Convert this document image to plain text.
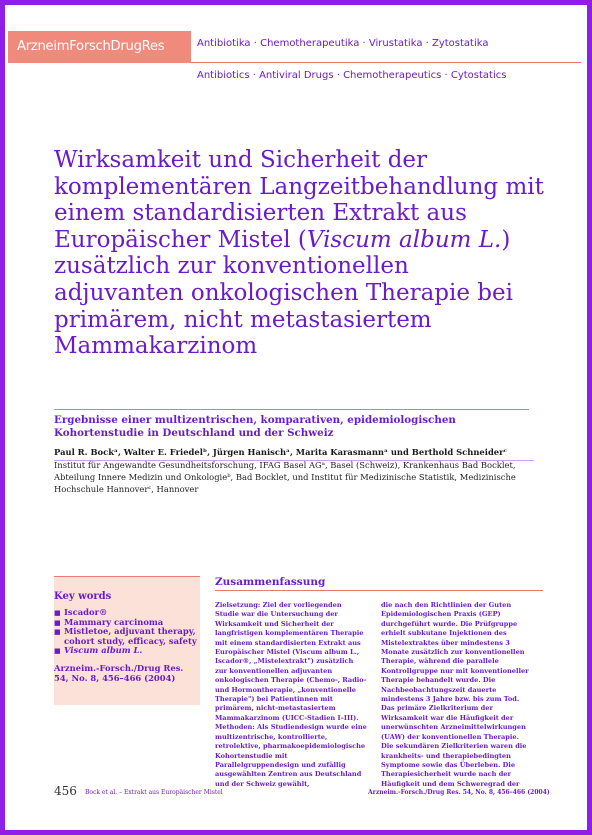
ArzneimForschDrugRes	Antibiotika · Chemotherapeutika · Virustatika · Zytostatika
Antibiotics · Antiviral Drugs · Chemotherapeutics · Cytostatics
Wirksamkeit und Sicherheit der komplementären Langzeitbehandlung mit einem standardisierten Extrakt aus Europäischer Mistel (Viscum album L.) zusätzlich zur konventionellen adjuvanten onkologischen Therapie bei primärem, nicht metastasiertem Mammakarzinom
Ergebnisse einer multizentrischen, komparativen, epidemiologischen Kohortenstudie in Deutschland und der Schweiz
Paul R. Bockᵃ, Walter E. Friedelᵇ, Jürgen Hanischᵃ, Marita Karasmannᵃ und Berthold Schneiderᶜ
Institut für Angewandte Gesundheitsforschung, IFAG Basel AGᵃ, Basel (Schweiz), Krankenhaus Bad Bocklet, Abteilung Innere Medizin und Onkologieᵇ, Bad Bocklet, und Institut für Medizinische Statistik, Medizinische Hochschule Hannoverᶜ, Hannover
Key words
■ Iscador®
■ Mammary carcinoma
■ Mistletoe, adjuvant therapy, cohort study, efficacy, safety
■ Viscum album L.
Arzneim.-Forsch./Drug Res.
54, No. 8, 456–466 (2004)
Zusammenfassung
Zielsetzung: Ziel der vorliegenden Studie war die Untersuchung der Wirksamkeit und Sicherheit der langfristigen komplementären Therapie mit einem standardisierten Extrakt aus Europäischer Mistel (Viscum album L., Iscador®, „Mistelextrakt") zusätzlich zur konventionellen adjuvanten onkologischen Therapie (Chemo-, Radio- und Hormontherapie, „konventionelle Therapie") bei Patientinnen mit primärem, nicht-metastasiertem Mammakarzinom (UICC-Stadien I–III).
Methoden: Als Studiendesign wurde eine multizentrische, kontrollierte, retrolektive, pharmakoepidemiologische Kohortenstudie mit Parallelgruppendesign und zufällig ausgewählten Zentren aus Deutschland und der Schweiz gewählt,
die nach den Richtlinien der Guten Epidemiologischen Praxis (GEP) durchgeführt wurde. Die Prüfgruppe erhielt subkutane Injektionen des Mistelextraktes über mindestens 3 Monate zusätzlich zur konventionellen Therapie, während die parallele Kontrollgruppe nur mit konventioneller Therapie behandelt wurde. Die Nachbeobachtungszeit dauerte mindestens 3 Jahre bzw. bis zum Tod. Das primäre Zielkriterium der Wirksamkeit war die Häufigkeit der unerwünschten Arzneimittelwirkungen (UAW) der konventionellen Therapie. Die sekundären Zielkriterien waren die krankheits- und therapiebedingten Symptome sowie das Überleben. Die Therapiesicherheit wurde nach der Häufigkeit und dem Schweregrad der
456 Bock et al. – Extrakt aus Europäischer Mistel	Arzneim.-Forsch./Drug Res. 54, No. 8, 456–466 (2004)
